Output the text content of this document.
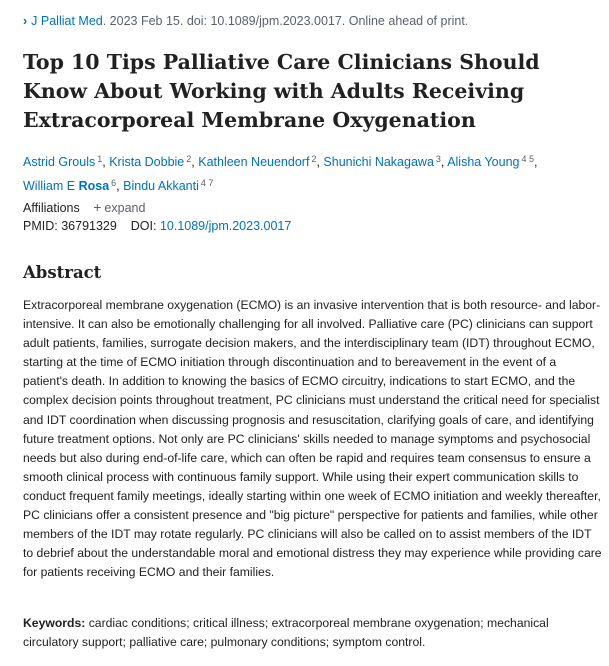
› J Palliat Med. 2023 Feb 15. doi: 10.1089/jpm.2023.0017. Online ahead of print.
Top 10 Tips Palliative Care Clinicians Should Know About Working with Adults Receiving Extracorporeal Membrane Oxygenation
Astrid Grouls $^1$, Krista Dobbie $^2$, Kathleen Neuendorf $^2$, Shunichi Nakagawa $^3$, Alisha Young $^{4 5}$,
William E Rosa $^6$, Bindu Akkanti $^{4 7}$
Affiliations + expand
PMID: 36791329 DOI: 10.1089/jpm.2023.0017
Abstract

Extracorporeal membrane oxygenation (ECMO) is an invasive intervention that is both resource- and labor-intensive. It can also be emotionally challenging for all involved. Palliative care (PC) clinicians can support adult patients, families, surrogate decision makers, and the interdisciplinary team (IDT) throughout ECMO, starting at the time of ECMO initiation through discontinuation and to bereavement in the event of a patient's death. In addition to knowing the basics of ECMO circuitry, indications to start ECMO, and the complex decision points throughout treatment, PC clinicians must understand the critical need for specialist and IDT coordination when discussing prognosis and resuscitation, clarifying goals of care, and identifying future treatment options. Not only are PC clinicians' skills needed to manage symptoms and psychosocial needs but also during end-of-life care, which can often be rapid and requires team consensus to ensure a smooth clinical process with continuous family support. While using their expert communication skills to conduct frequent family meetings, ideally starting within one week of ECMO initiation and weekly thereafter, PC clinicians offer a consistent presence and "big picture" perspective for patients and families, while other members of the IDT may rotate regularly. PC clinicians will also be called on to assist members of the IDT to debrief about the understandable moral and emotional distress they may experience while providing care for patients receiving ECMO and their families.

Keywords: cardiac conditions; critical illness; extracorporeal membrane oxygenation; mechanical circulatory support; palliative care; pulmonary conditions; symptom control.
